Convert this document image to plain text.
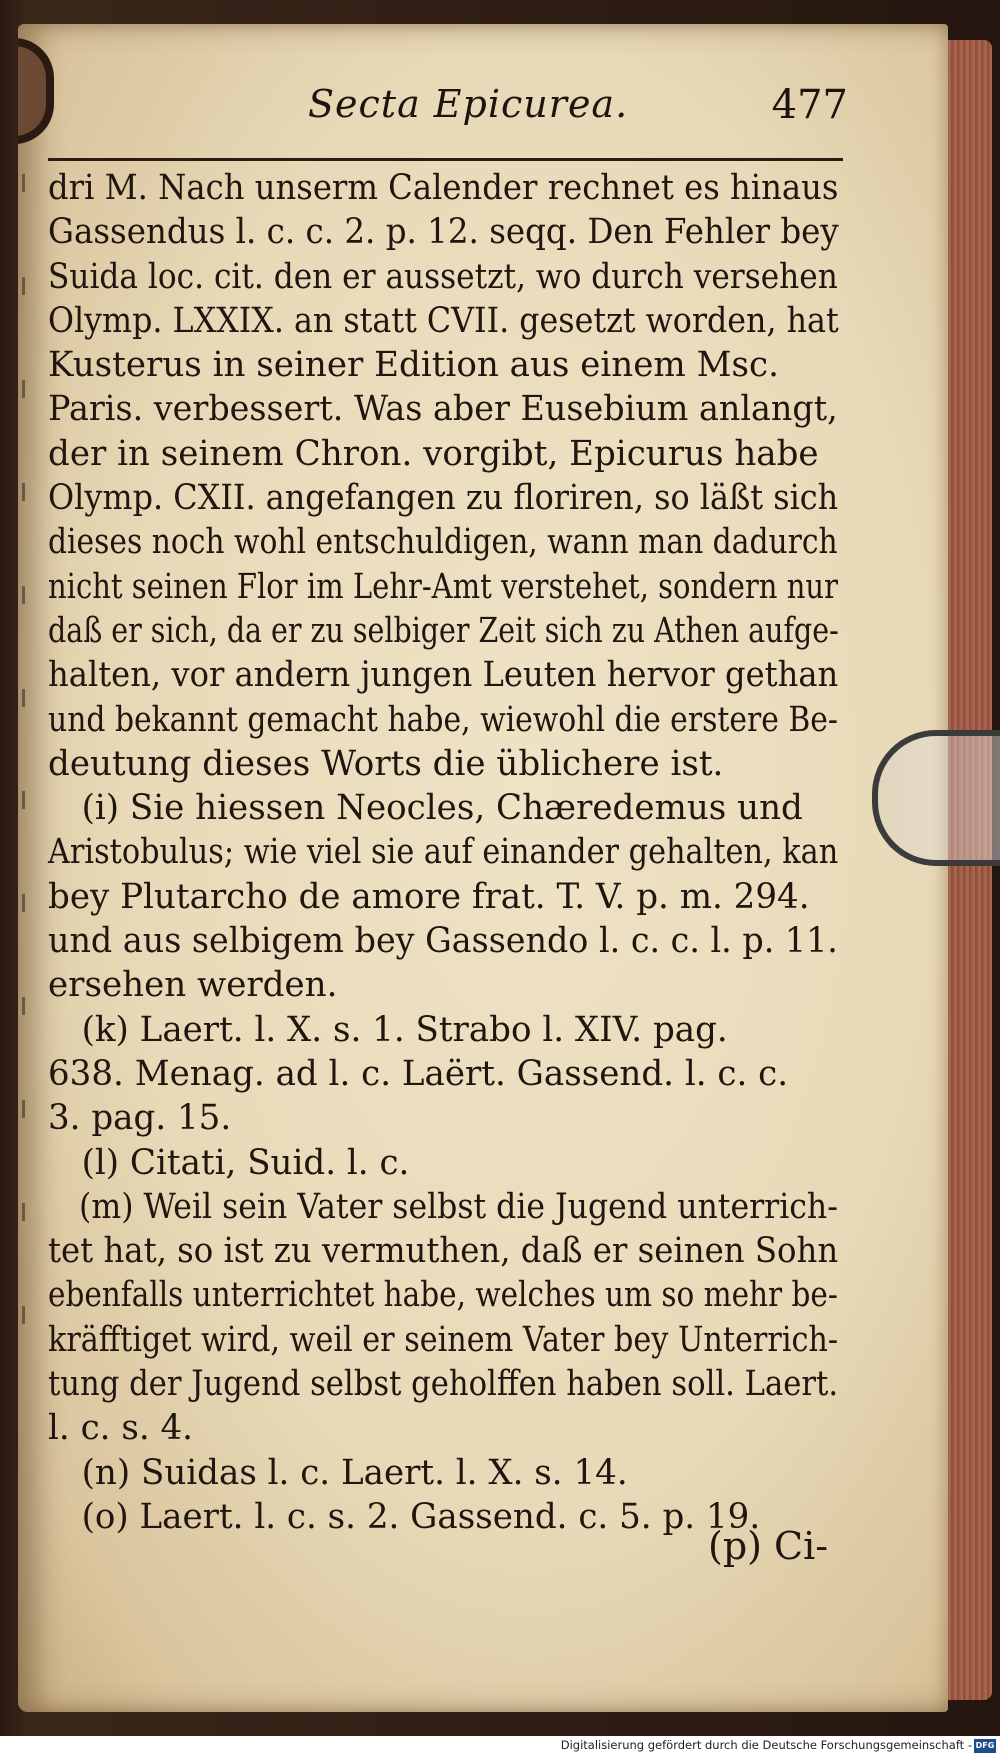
Secta Epicurea.	477
dri M. Nach unserm Calender rechnet es hinaus
Gassendus l. c. c. 2. p. 12. seqq. Den Fehler bey
Suida loc. cit. den er aussetzt, wo durch versehen
Olymp. LXXIX. an statt CVII. gesetzt worden, hat
Kusterus in seiner Edition aus einem Msc.
Paris. verbessert. Was aber Eusebium anlangt,
der in seinem Chron. vorgibt, Epicurus habe
Olymp. CXII. angefangen zu floriren, so läßt sich
dieses noch wohl entschuldigen, wann man dadurch
nicht seinen Flor im Lehr-Amt verstehet, sondern nur
daß er sich, da er zu selbiger Zeit sich zu Athen aufge-
halten, vor andern jungen Leuten hervor gethan
und bekannt gemacht habe, wiewohl die erstere Be-
deutung dieses Worts die üblichere ist.
(i) Sie hiessen Neocles, Chæredemus und
Aristobulus; wie viel sie auf einander gehalten, kan
bey Plutarcho de amore frat. T. V. p. m. 294.
und aus selbigem bey Gassendo l. c. c. l. p. 11.
ersehen werden.
(k) Laert. l. X. s. 1. Strabo l. XIV. pag.
638. Menag. ad l. c. Laërt. Gassend. l. c. c.
3. pag. 15.
(l) Citati, Suid. l. c.
(m) Weil sein Vater selbst die Jugend unterrich-
tet hat, so ist zu vermuthen, daß er seinen Sohn
ebenfalls unterrichtet habe, welches um so mehr be-
kräfftiget wird, weil er seinem Vater bey Unterrich-
tung der Jugend selbst geholffen haben soll. Laert.
l. c. s. 4.
(n) Suidas l. c. Laert. l. X. s. 14.
(o) Laert. l. c. s. 2. Gassend. c. 5. p. 19.
(p) Ci-
Digitalisierung gefördert durch die Deutsche Forschungsgemeinschaft - DFG
